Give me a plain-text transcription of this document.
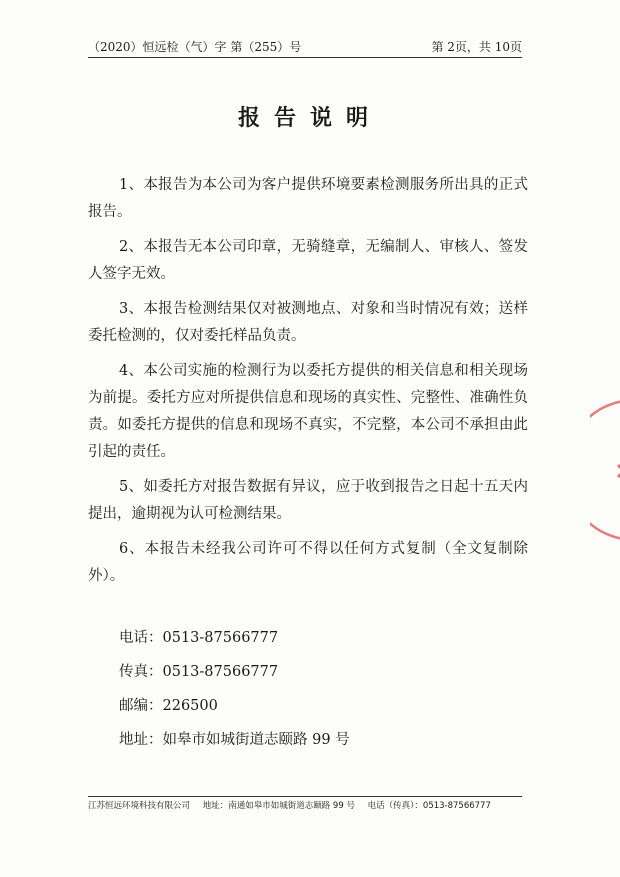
（2020）恒远检（气）字 第（255）号	第 2页，共 10页
报告说明

1、本报告为本公司为客户提供环境要素检测服务所出具的正式报告。

2、本报告无本公司印章，无骑缝章，无编制人、审核人、签发人签字无效。

3、本报告检测结果仅对被测地点、对象和当时情况有效；送样委托检测的，仅对委托样品负责。

4、本公司实施的检测行为以委托方提供的相关信息和相关现场为前提。委托方应对所提供信息和现场的真实性、完整性、准确性负责。如委托方提供的信息和现场不真实，不完整，本公司不承担由此引起的责任。

5、如委托方对报告数据有异议，应于收到报告之日起十五天内提出，逾期视为认可检测结果。

6、本报告未经我公司许可不得以任何方式复制（全文复制除外）。

电话：0513-87566777
传真：0513-87566777
邮编：226500
地址：如皋市如城街道志颐路 99 号
江苏恒远环境科技有限公司 地址：南通如皋市如城街道志颐路 99 号 电话（传真）：0513-87566777
